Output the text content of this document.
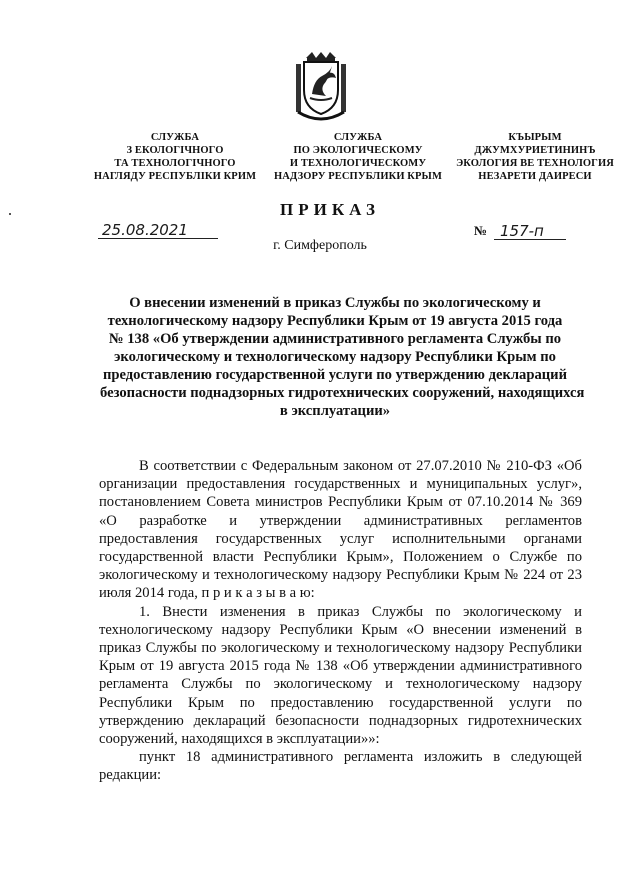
СЛУЖБА
З ЕКОЛОГІЧНОГО
ТА ТЕХНОЛОГІЧНОГО
НАГЛЯДУ РЕСПУБЛІКИ КРИМ
СЛУЖБА
ПО ЭКОЛОГИЧЕСКОМУ
И ТЕХНОЛОГИЧЕСКОМУ
НАДЗОРУ РЕСПУБЛИКИ КРЫМ
КЪЫРЫМ
ДЖУМХУРИЕТИНИНЪ
ЭКОЛОГИЯ ВЕ ТЕХНОЛОГИЯ
НЕЗАРЕТИ ДАИРЕСИ
ПРИКАЗ
25.08.2021	№ 157-п
г. Симферополь
О внесении изменений в приказ Службы по экологическому и
технологическому надзору Республики Крым от 19 августа 2015 года
№ 138 «Об утверждении административного регламента Службы по
экологическому и технологическому надзору Республики Крым по
предоставлению государственной услуги по утверждению деклараций
безопасности поднадзорных гидротехнических сооружений, находящихся
в эксплуатации»

В соответствии с Федеральным законом от 27.07.2010 № 210-ФЗ «Об организации предоставления государственных и муниципальных услуг», постановлением Совета министров Республики Крым от 07.10.2014 № 369 «О разработке и утверждении административных регламентов предоставления государственных услуг исполнительными органами государственной власти Республики Крым», Положением о Службе по экологическому и технологическому надзору Республики Крым № 224 от 23 июля 2014 года, п р и к а з ы в а ю:

1. Внести изменения в приказ Службы по экологическому и технологическому надзору Республики Крым «О внесении изменений в приказ Службы по экологическому и технологическому надзору Республики Крым от 19 августа 2015 года № 138 «Об утверждении административного регламента Службы по экологическому и технологическому надзору Республики Крым по предоставлению государственной услуги по утверждению деклараций безопасности поднадзорных гидротехнических сооружений, находящихся в эксплуатации»»:

пункт 18 административного регламента изложить в следующей редакции:
